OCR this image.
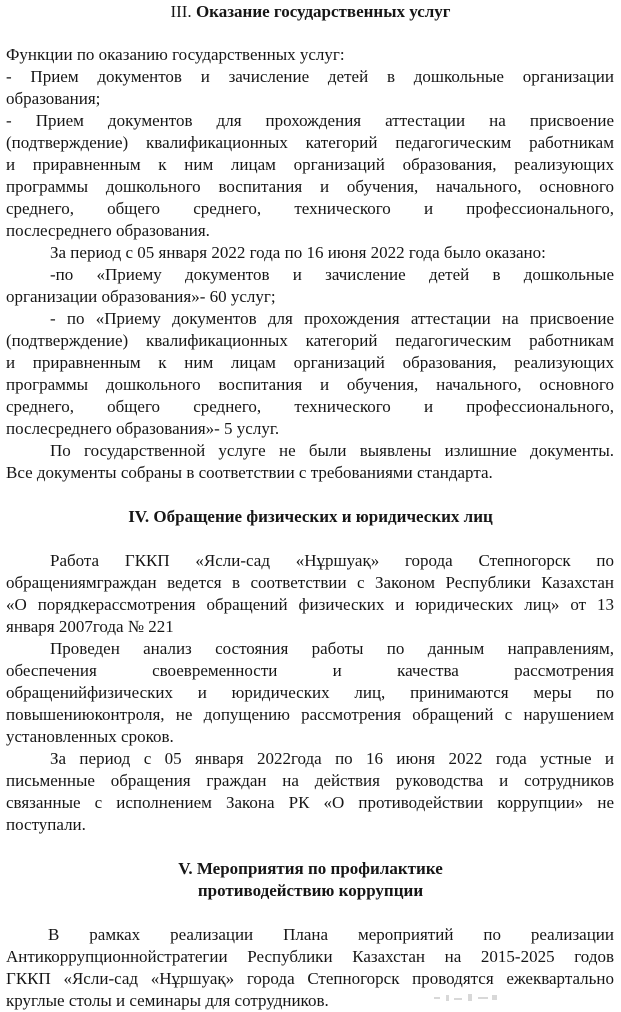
III. Оказание государственных услуг
Функции по оказанию государственных услуг:
- Прием документов и зачисление детей в дошкольные организации
образования;
- Прием документов для прохождения аттестации на присвоение
(подтверждение) квалификационных категорий педагогическим работникам
и приравненным к ним лицам организаций образования, реализующих
программы дошкольного воспитания и обучения, начального, основного
среднего, общего среднего, технического и профессионального,
послесреднего образования.
За период с 05 января 2022 года по 16 июня 2022 года было оказано:
-по «Приему документов и зачисление детей в дошкольные
организации образования»- 60 услуг;
- по «Приему документов для прохождения аттестации на присвоение
(подтверждение) квалификационных категорий педагогическим работникам
и приравненным к ним лицам организаций образования, реализующих
программы дошкольного воспитания и обучения, начального, основного
среднего, общего среднего, технического и профессионального,
послесреднего образования»- 5 услуг.
По государственной услуге не были выявлены излишние документы.
Все документы собраны в соответствии с требованиями стандарта.
IV. Обращение физических и юридических лиц
Работа ГККП «Ясли-сад «Нұршуақ» города Степногорск по
обращениямграждан ведется в соответствии с Законом Республики Казахстан
«О порядкерассмотрения обращений физических и юридических лиц» от 13
января 2007года № 221
Проведен анализ состояния работы по данным направлениям,
обеспечения своевременности и качества рассмотрения
обращенийфизических и юридических лиц, принимаются меры по
повышениюконтроля, не допущению рассмотрения обращений с нарушением
установленных сроков.
За период с 05 января 2022года по 16 июня 2022 года устные и
письменные обращения граждан на действия руководства и сотрудников
связанные с исполнением Закона РК «О противодействии коррупции» не
поступали.
V. Мероприятия по профилактике
противодействию коррупции
В рамках реализации Плана мероприятий по реализации
Антикоррупционнойстратегии Республики Казахстан на 2015-2025 годов
ГККП «Ясли-сад «Нұршуақ» города Степногорск проводятся ежеквартально
круглые столы и семинары для сотрудников.
